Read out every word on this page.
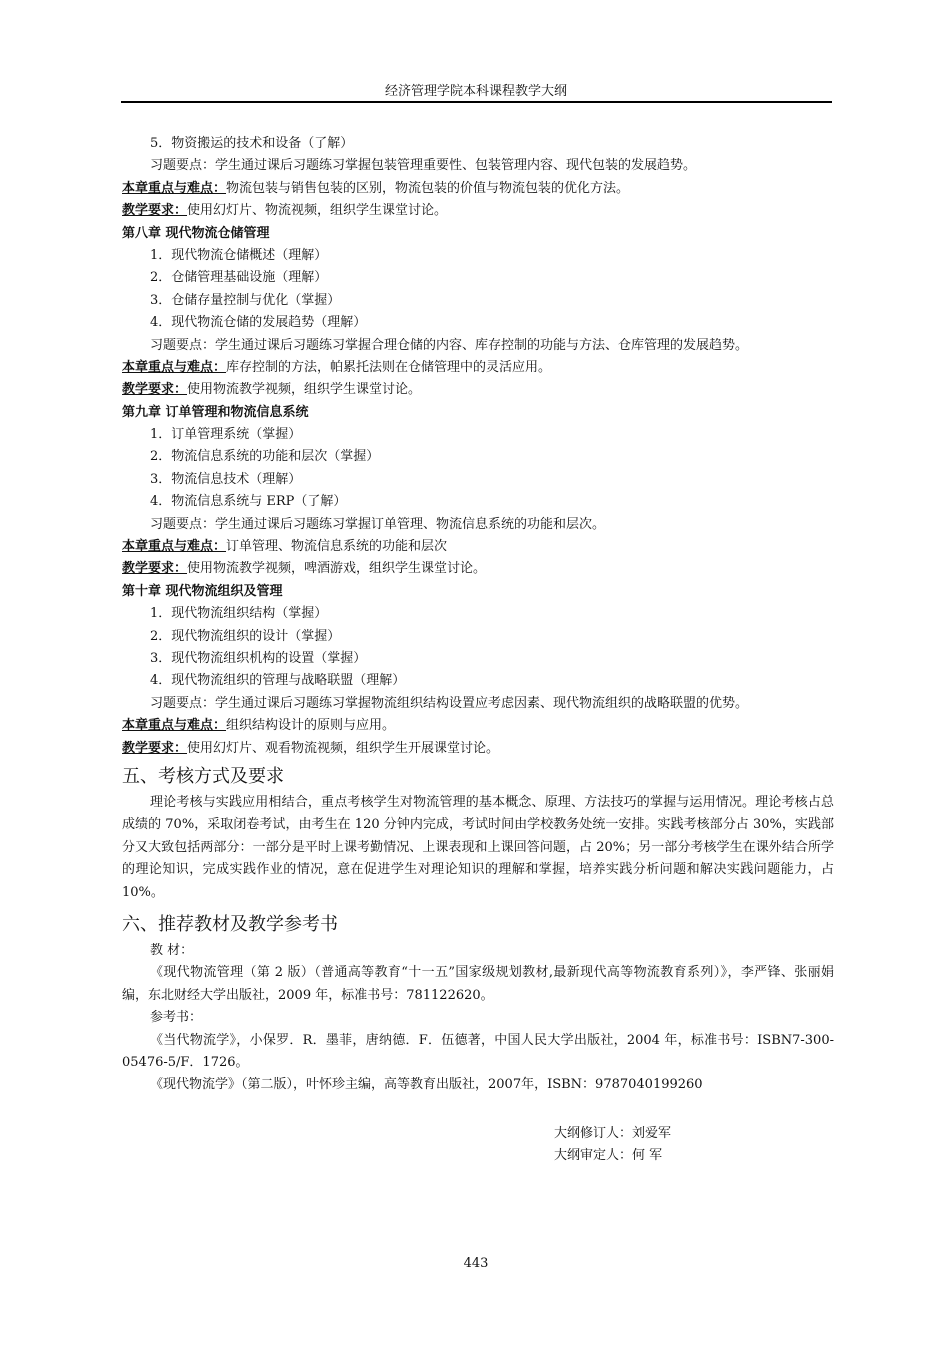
经济管理学院本科课程教学大纲
5．物资搬运的技术和设备（了解）
习题要点：学生通过课后习题练习掌握包装管理重要性、包装管理内容、现代包装的发展趋势。
本章重点与难点：物流包装与销售包装的区别，物流包装的价值与物流包装的优化方法。
教学要求：使用幻灯片、物流视频，组织学生课堂讨论。
第八章 现代物流仓储管理
1．现代物流仓储概述（理解）
2．仓储管理基础设施（理解）
3．仓储存量控制与优化（掌握）
4．现代物流仓储的发展趋势（理解）
习题要点：学生通过课后习题练习掌握合理仓储的内容、库存控制的功能与方法、仓库管理的发展趋势。
本章重点与难点：库存控制的方法，帕累托法则在仓储管理中的灵活应用。
教学要求：使用物流教学视频，组织学生课堂讨论。
第九章 订单管理和物流信息系统
1．订单管理系统（掌握）
2．物流信息系统的功能和层次（掌握）
3．物流信息技术（理解）
4．物流信息系统与 ERP（了解）
习题要点：学生通过课后习题练习掌握订单管理、物流信息系统的功能和层次。
本章重点与难点：订单管理、物流信息系统的功能和层次
教学要求：使用物流教学视频，啤酒游戏，组织学生课堂讨论。
第十章 现代物流组织及管理
1．现代物流组织结构（掌握）
2．现代物流组织的设计（掌握）
3．现代物流组织机构的设置（掌握）
4．现代物流组织的管理与战略联盟（理解）
习题要点：学生通过课后习题练习掌握物流组织结构设置应考虑因素、现代物流组织的战略联盟的优势。
本章重点与难点：组织结构设计的原则与应用。
教学要求：使用幻灯片、观看物流视频，组织学生开展课堂讨论。
五、考核方式及要求
理论考核与实践应用相结合，重点考核学生对物流管理的基本概念、原理、方法技巧的掌握与运用情况。理论考核占总成绩的 70%，采取闭卷考试，由考生在 120 分钟内完成，考试时间由学校教务处统一安排。实践考核部分占 30%，实践部分又大致包括两部分：一部分是平时上课考勤情况、上课表现和上课回答问题，占 20%；另一部分考核学生在课外结合所学的理论知识，完成实践作业的情况，意在促进学生对理论知识的理解和掌握，培养实践分析问题和解决实践问题能力，占 10%。
六、推荐教材及教学参考书
教 材：
《现代物流管理（第 2 版）（普通高等教育“十一五”国家级规划教材,最新现代高等物流教育系列）》，李严锋、张丽娟编，东北财经大学出版社，2009 年，标准书号：781122620。
参考书：
《当代物流学》，小保罗．R．墨菲，唐纳德．F．伍德著，中国人民大学出版社，2004 年，标准书号：ISBN7-300-05476-5/F．1726。
《现代物流学》（第二版），叶怀珍主编，高等教育出版社，2007年，ISBN：9787040199260
大纲修订人：刘爱军
大纲审定人：何 军
443
